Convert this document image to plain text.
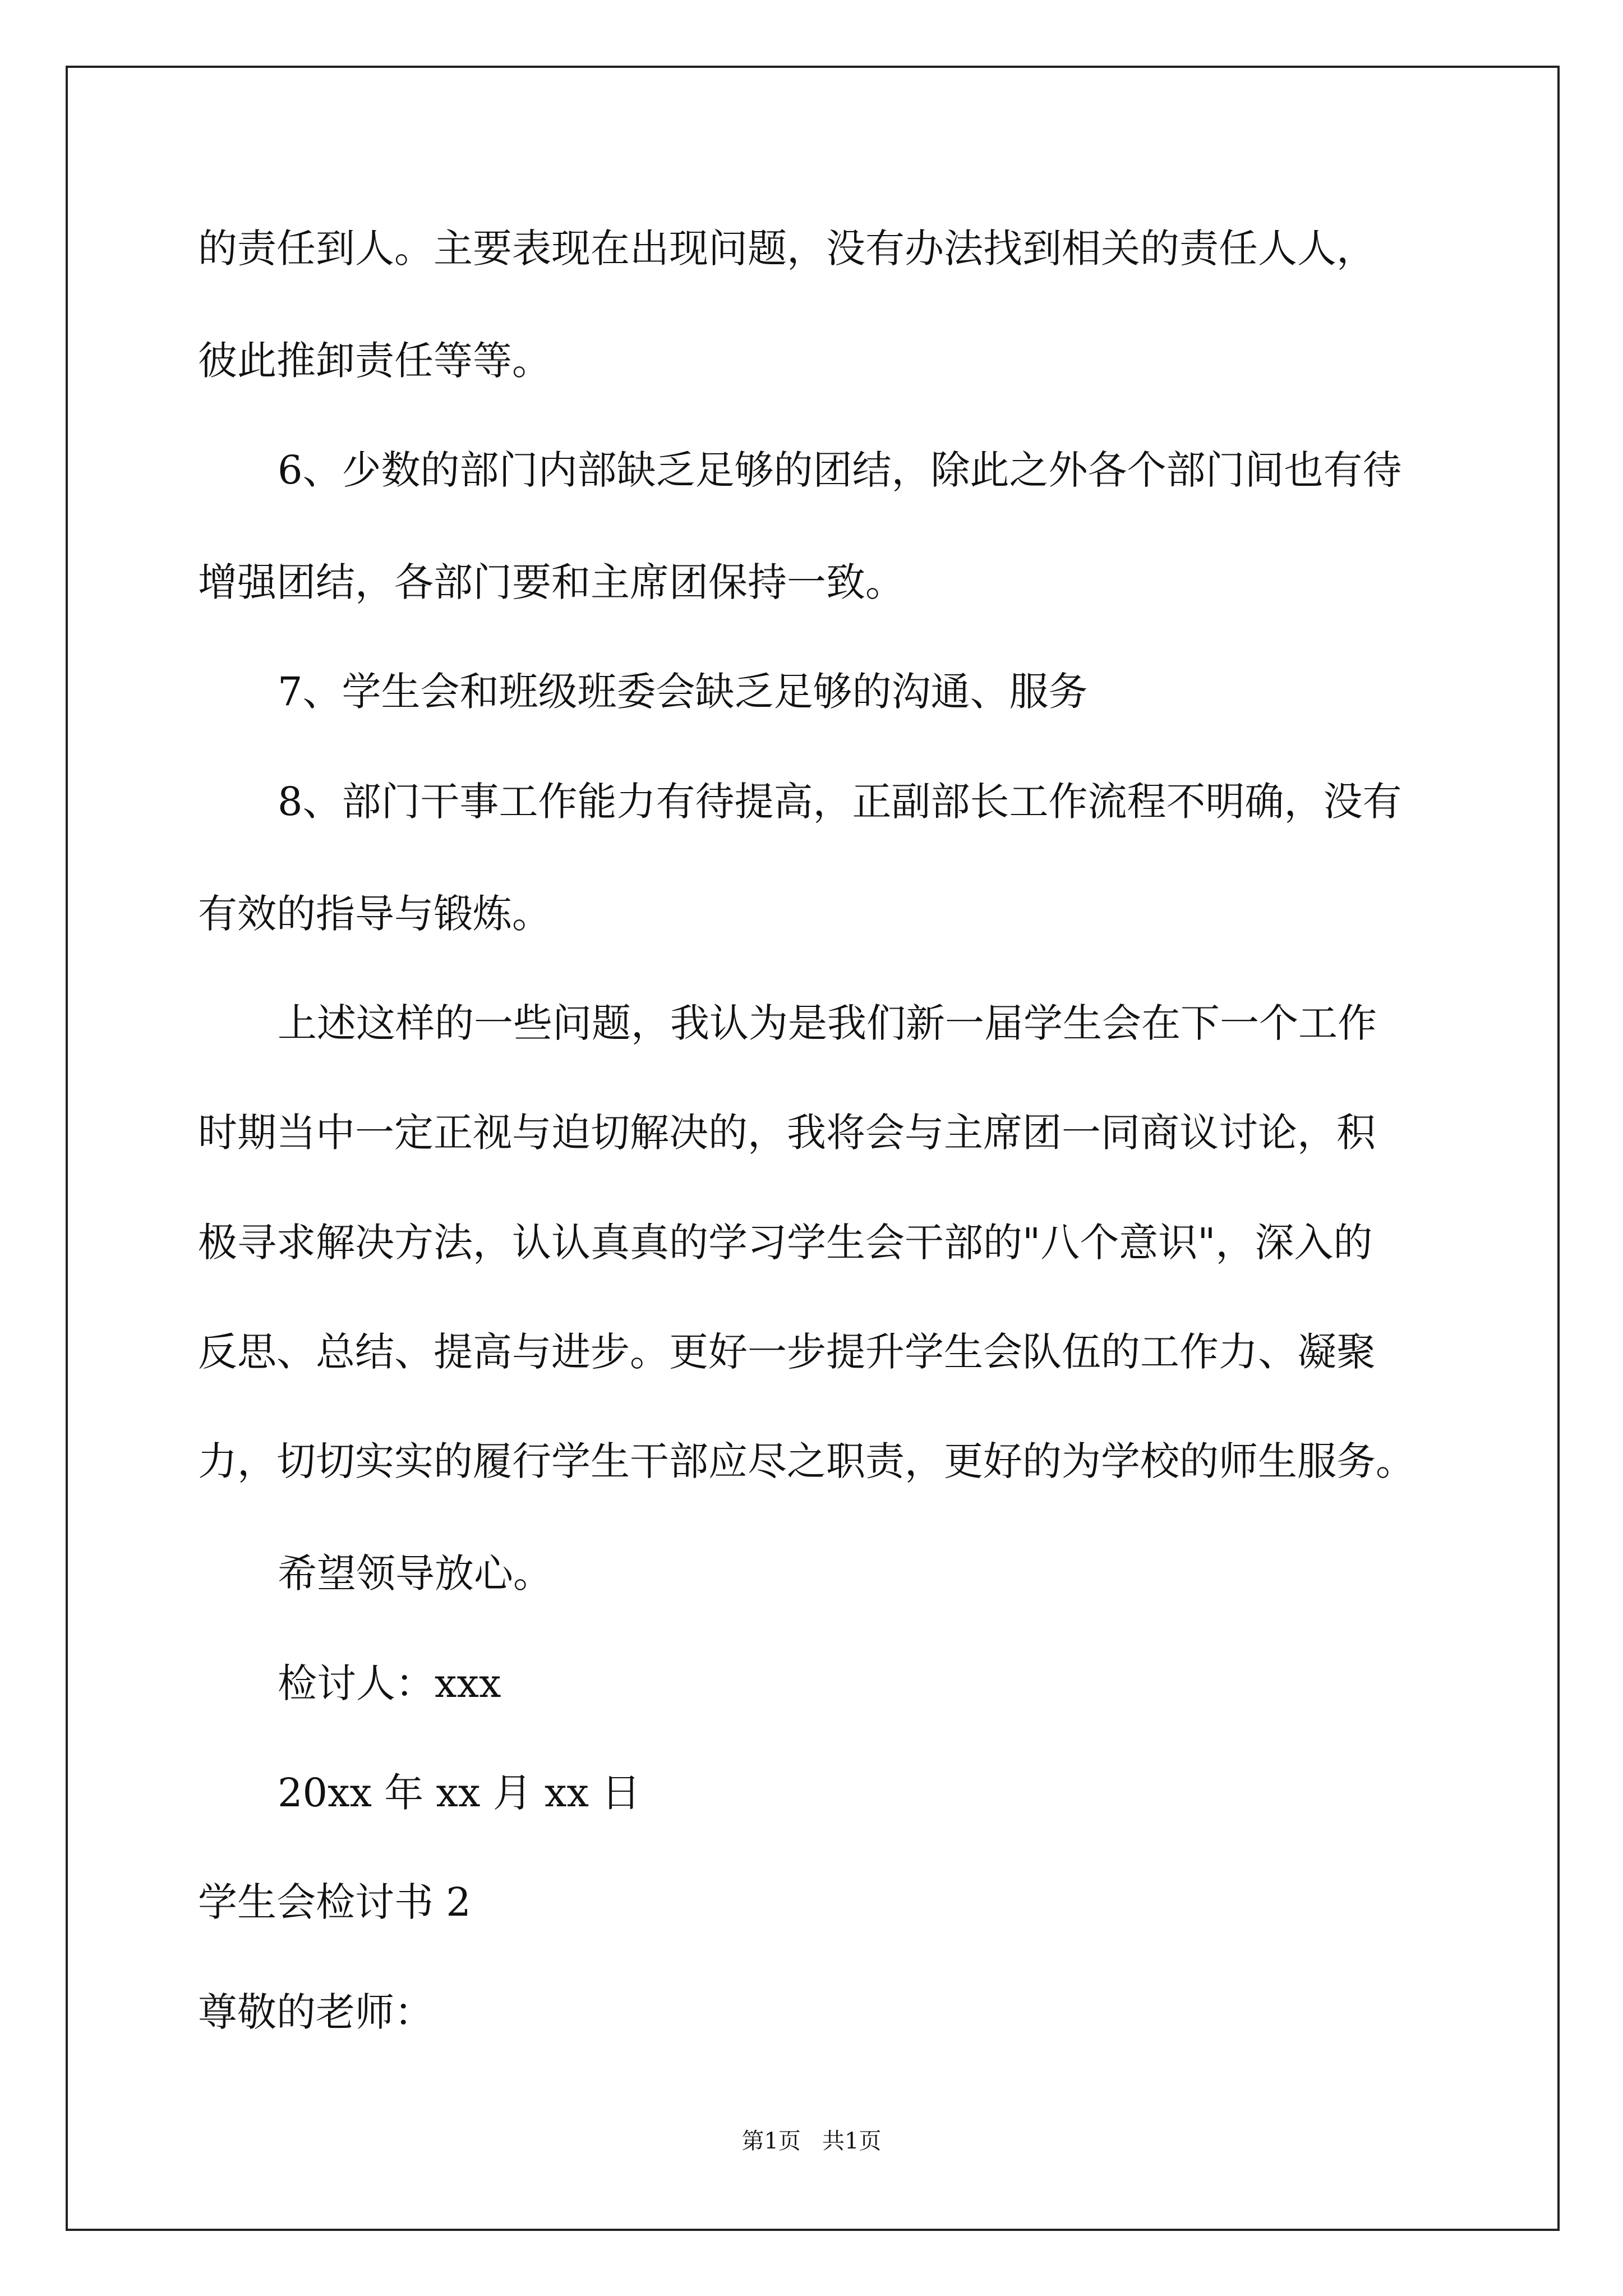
的责任到人。主要表现在出现问题，没有办法找到相关的责任人人，
彼此推卸责任等等。
6、少数的部门内部缺乏足够的团结，除此之外各个部门间也有待
增强团结，各部门要和主席团保持一致。
7、学生会和班级班委会缺乏足够的沟通、服务
8、部门干事工作能力有待提高，正副部长工作流程不明确，没有
有效的指导与锻炼。
上述这样的一些问题，我认为是我们新一届学生会在下一个工作
时期当中一定正视与迫切解决的，我将会与主席团一同商议讨论，积
极寻求解决方法，认认真真的学习学生会干部的"八个意识"，深入的
反思、总结、提高与进步。更好一步提升学生会队伍的工作力、凝聚
力，切切实实的履行学生干部应尽之职责，更好的为学校的师生服务。
希望领导放心。
检讨人：xxx
20xx 年 xx 月 xx 日
学生会检讨书 2
尊敬的老师：
第1页   共1页
